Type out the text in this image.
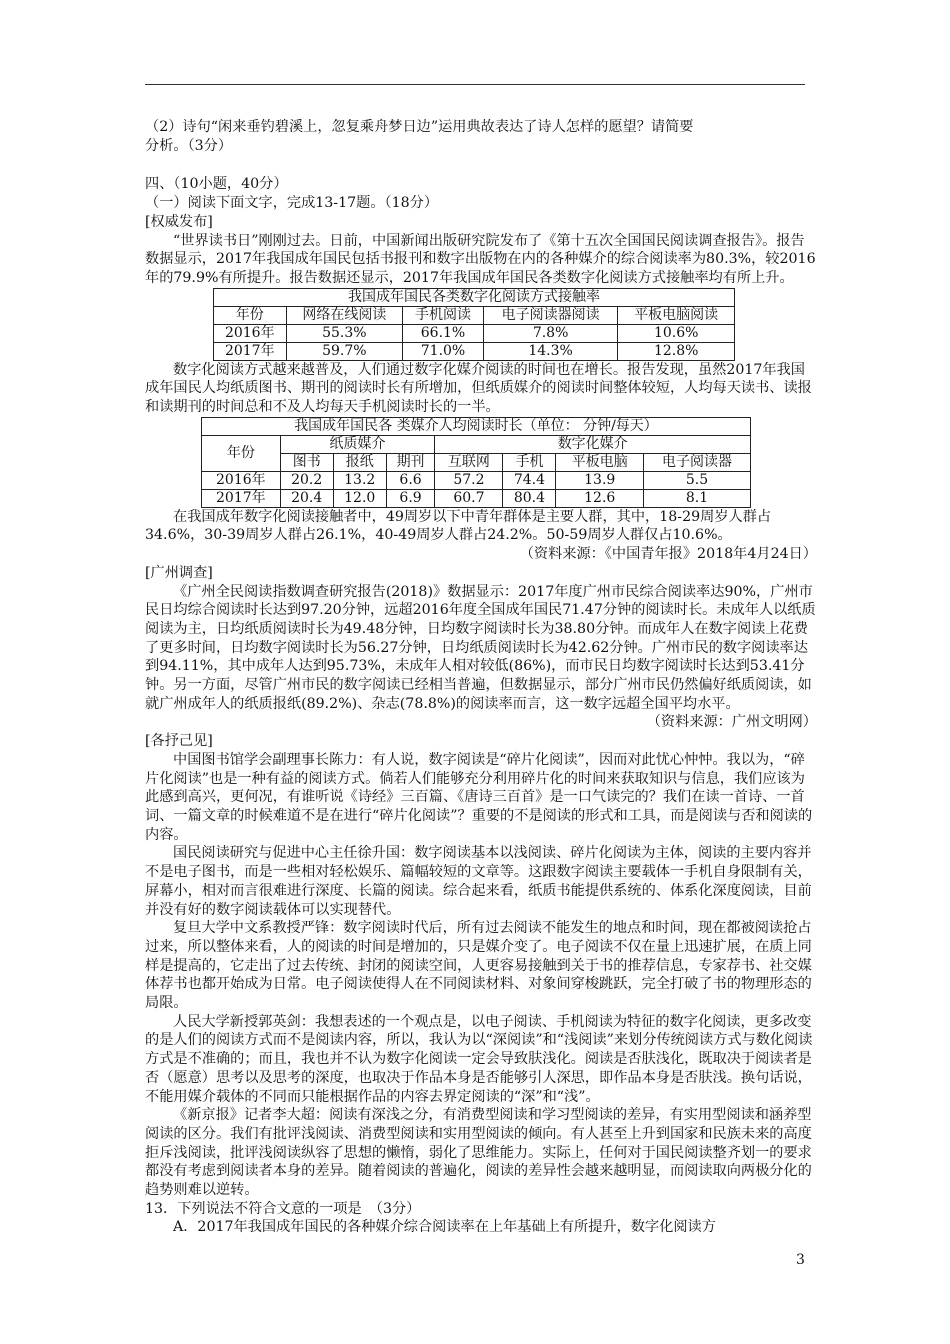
（2）诗句“闲来垂钓碧溪上，忽复乘舟梦日边”运用典故表达了诗人怎样的愿望？请简要

分析。（3分）

四、（10小题，40分）

（一）阅读下面文字，完成13-17题。（18分）

[权威发布]

“世界读书日”刚刚过去。日前，中国新闻出版研究院发布了《第十五次全国国民阅读调查报告》。报告数据显示，2017年我国成年国民包括书报刊和数字出版物在内的各种媒介的综合阅读率为80.3%，较2016年的79.9%有所提升。报告数据还显示，2017年我国成年国民各类数字化阅读方式接触率均有所上升。

我国成年国民各类数字化阅读方式接触率				
年份	网络在线阅读	手机阅读	电子阅读器阅读	平板电脑阅读
2016年	55.3%	66.1%	7.8%	10.6%
2017年	59.7%	71.0%	14.3%	12.8%

数字化阅读方式越来越普及，人们通过数字化媒介阅读的时间也在增长。报告发现，虽然2017年我国成年国民人均纸质图书、期刊的阅读时长有所增加，但纸质媒介的阅读时间整体较短，人均每天读书、读报和读期刊的时间总和不及人均每天手机阅读时长的一半。

我国成年国民各 类媒介人均阅读时长（单位： 分钟/每天）							
年份	纸质媒介			数字化媒介			
	图书	报纸	期刊	互联网	手机	平板电脑	电子阅读器
2016年	20.2	13.2	6.6	57.2	74.4	13.9	5.5
2017年	20.4	12.0	6.9	60.7	80.4	12.6	8.1

在我国成年数字化阅读接触者中，49周岁以下中青年群体是主要人群，其中，18-29周岁人群占34.6%，30-39周岁人群占26.1%，40-49周岁人群占24.2%。50-59周岁人群仅占10.6%。

（资料来源：《中国青年报》2018年4月24日）

[广州调查]

《广州全民阅读指数调查研究报告(2018)》数据显示：2017年度广州市民综合阅读率达90%，广州市民日均综合阅读时长达到97.20分钟，远超2016年度全国成年国民71.47分钟的阅读时长。未成年人以纸质阅读为主，日均纸质阅读时长为49.48分钟，日均数字阅读时长为38.80分钟。而成年人在数字阅读上花费了更多时间，日均数字阅读时长为56.27分钟，日均纸质阅读时长为42.62分钟。广州市民的数字阅读率达到94.11%，其中成年人达到95.73%，未成年人相对较低(86%)，而市民日均数字阅读时长达到53.41分钟。另一方面，尽管广州市民的数字阅读已经相当普遍，但数据显示，部分广州市民仍然偏好纸质阅读，如就广州成年人的纸质报纸(89.2%)、杂志(78.8%)的阅读率而言，这一数字远超全国平均水平。

（资料来源：广州文明网）

[各抒己见]

中国图书馆学会副理事长陈力：有人说，数字阅读是“碎片化阅读”，因而对此忧心忡忡。我以为，“碎片化阅读”也是一种有益的阅读方式。倘若人们能够充分利用碎片化的时间来获取知识与信息，我们应该为此感到高兴，更何况，有谁听说《诗经》三百篇、《唐诗三百首》是一口气读完的？我们在读一首诗、一首词、一篇文章的时候难道不是在进行“碎片化阅读”？重要的不是阅读的形式和工具，而是阅读与否和阅读的内容。

国民阅读研究与促进中心主任徐升国：数字阅读基本以浅阅读、碎片化阅读为主体，阅读的主要内容并不是电子图书，而是一些相对轻松娱乐、篇幅较短的文章等。这跟数字阅读主要载体一手机自身限制有关，屏幕小，相对而言很难进行深度、长篇的阅读。综合起来看，纸质书能提供系统的、体系化深度阅读，目前并没有好的数字阅读载体可以实现替代。

复旦大学中文系教授严锋：数字阅读时代后，所有过去阅读不能发生的地点和时间，现在都被阅读抢占过来，所以整体来看，人的阅读的时间是增加的，只是媒介变了。电子阅读不仅在量上迅速扩展，在质上同样是提高的，它走出了过去传统、封闭的阅读空间，人更容易接触到关于书的推荐信息，专家荐书、社交媒体荐书也都开始成为日常。电子阅读使得人在不同阅读材料、对象间穿梭跳跃，完全打破了书的物理形态的局限。

人民大学新授郭英剑：我想表述的一个观点是，以电子阅读、手机阅读为特征的数字化阅读，更多改变的是人们的阅读方式而不是阅读内容，所以，我认为以“深阅读”和“浅阅读”来划分传统阅读方式与数化阅读方式是不准确的；而且，我也并不认为数字化阅读一定会导致肤浅化。阅读是否肤浅化，既取决于阅读者是否（愿意）思考以及思考的深度，也取决于作品本身是否能够引人深思，即作品本身是否肤浅。换句话说，不能用媒介载体的不同而只能根据作品的内容去界定阅读的“深”和“浅”。

《新京报》记者李大超：阅读有深浅之分，有消费型阅读和学习型阅读的差异，有实用型阅读和涵养型阅读的区分。我们有批评浅阅读、消费型阅读和实用型阅读的倾向。有人甚至上升到国家和民族未来的高度拒斥浅阅读，批评浅阅读纵容了思想的懒惰，弱化了思维能力。实际上，任何对于国民阅读整齐划一的要求都没有考虑到阅读者本身的差异。随着阅读的普遍化，阅读的差异性会越来越明显，而阅读取向两极分化的趋势则难以逆转。

13．下列说法不符合文意的一项是　（3分）

A．2017年我国成年国民的各种媒介综合阅读率在上年基础上有所提升，数字化阅读方

3
